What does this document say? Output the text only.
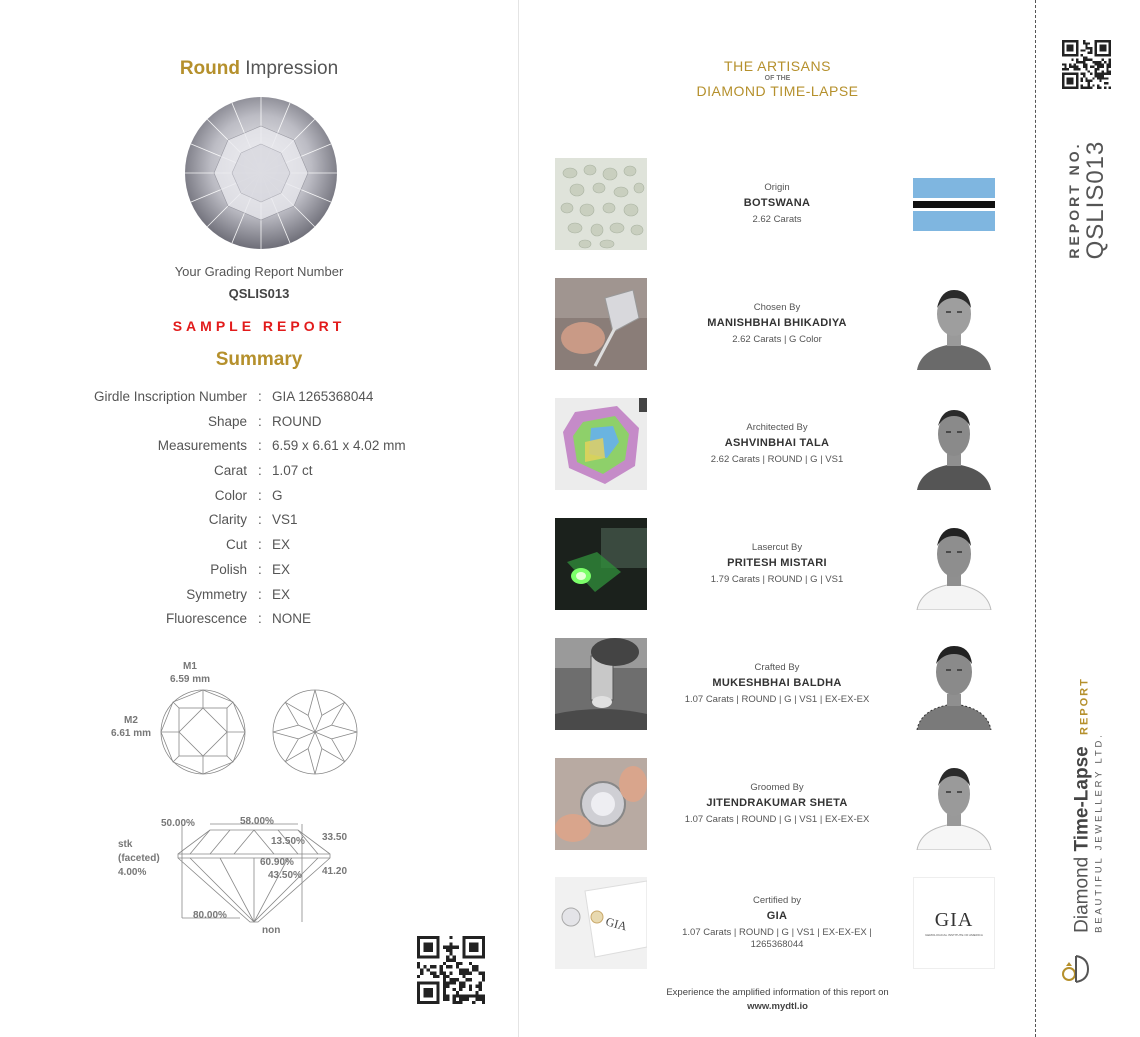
Round Impression
Your Grading Report Number
QSLIS013
SAMPLE REPORT
Summary
Girdle Inscription Number : GIA 1265368044
Shape : ROUND
Measurements : 6.59 x 6.61 x 4.02 mm
Carat : 1.07 ct
Color : G
Clarity : VS1
Cut : EX
Polish : EX
Symmetry : EX
Fluorescence : NONE
M1
6.59 mm
M2
6.61 mm
50.00%	58.00%
13.50% 33.50
60.90%
43.50% 41.20
stk
(faceted)
4.00%
80.00%
non
THE ARTISANS
OF THE
DIAMOND TIME-LAPSE
Origin
BOTSWANA
2.62 Carats
Chosen By
MANISHBHAI BHIKADIYA
2.62 Carats | G Color
Architected By
ASHVINBHAI TALA
2.62 Carats | ROUND | G | VS1
Lasercut By
PRITESH MISTARI
1.79 Carats | ROUND | G | VS1
Crafted By
MUKESHBHAI BALDHA
1.07 Carats | ROUND | G | VS1 | EX-EX-EX
Groomed By
JITENDRAKUMAR SHETA
1.07 Carats | ROUND | G | VS1 | EX-EX-EX
GIA
Certified by
GIA
1.07 Carats | ROUND | G | VS1 | EX-EX-EX | 1265368044
GIA
GEMOLOGICAL INSTITUTE OF AMERICA
Experience the amplified information of this report on
www.mydtl.io
REPORT NO. QSLIS013
Diamond Time-Lapse REPORT
BEAUTIFUL JEWELLERY LTD.
